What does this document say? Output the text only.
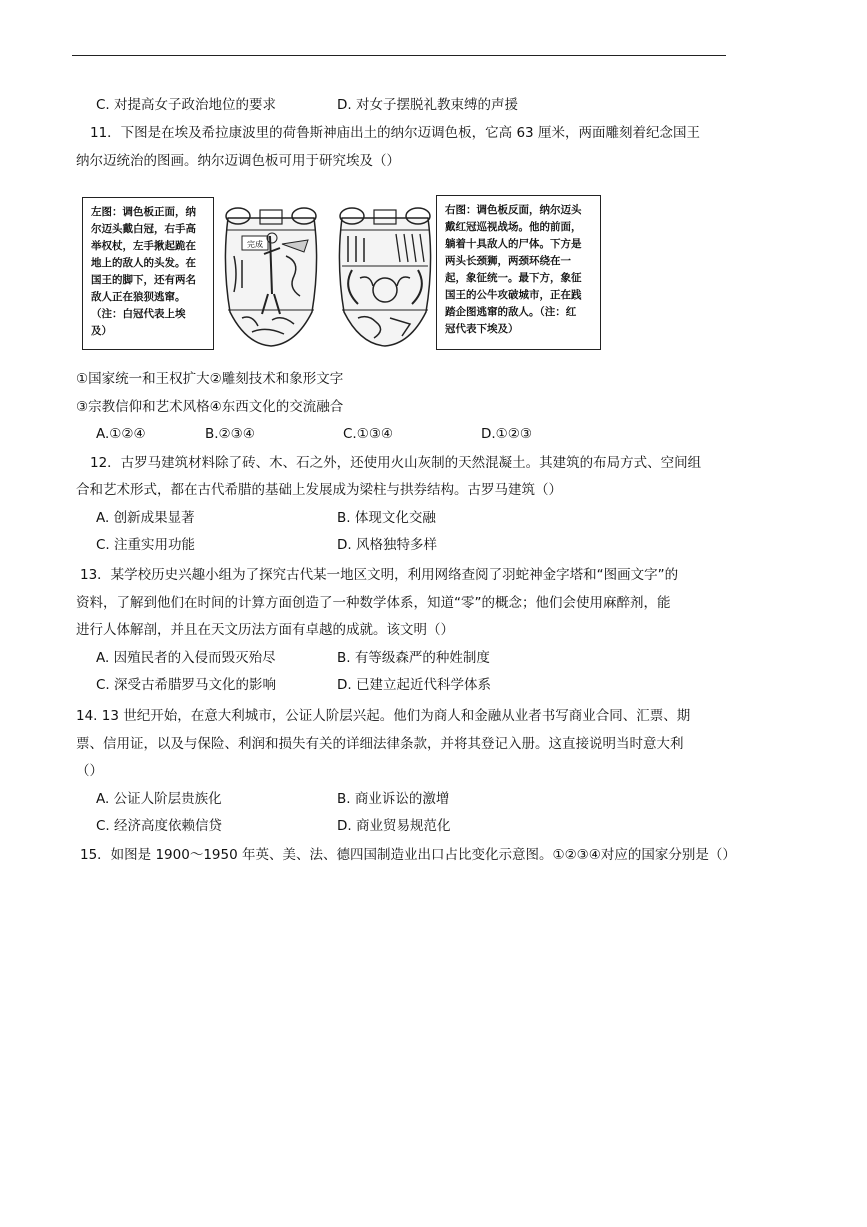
C. 对提高女子政治地位的要求	D. 对女子摆脱礼教束缚的声援
11．下图是在埃及希拉康波里的荷鲁斯神庙出土的纳尔迈调色板，它高 63 厘米，两面雕刻着纪念国王
纳尔迈统治的图画。纳尔迈调色板可用于研究埃及（）
左图：调色板正面，纳
尔迈头戴白冠，右手高
举权杖，左手揪起跪在
地上的敌人的头发。在
国王的脚下，还有两名
敌人正在狼狈逃窜。
（注：白冠代表上埃
及）
完成
右图：调色板反面，纳尔迈头
戴红冠巡视战场。他的前面，
躺着十具敌人的尸体。下方是
两头长颈狮，两颈环绕在一
起，象征统一。最下方，象征
国王的公牛攻破城市，正在践
踏企图逃窜的敌人。（注：红
冠代表下埃及）
①国家统一和王权扩大②雕刻技术和象形文字
③宗教信仰和艺术风格④东西文化的交流融合
A.①②④	B.②③④	C.①③④	D.①②③
12．古罗马建筑材料除了砖、木、石之外，还使用火山灰制的天然混凝土。其建筑的布局方式、空间组
合和艺术形式，都在古代希腊的基础上发展成为梁柱与拱券结构。古罗马建筑（）
A. 创新成果显著	B. 体现文化交融
C. 注重实用功能	D. 风格独特多样
13．某学校历史兴趣小组为了探究古代某一地区文明，利用网络查阅了羽蛇神金字塔和“图画文字”的
资料，了解到他们在时间的计算方面创造了一种数学体系，知道“零”的概念；他们会使用麻醉剂，能
进行人体解剖，并且在天文历法方面有卓越的成就。该文明（）
A. 因殖民者的入侵而毁灭殆尽	B. 有等级森严的种姓制度
C. 深受古希腊罗马文化的影响	D. 已建立起近代科学体系
14. 13 世纪开始，在意大利城市，公证人阶层兴起。他们为商人和金融从业者书写商业合同、汇票、期
票、信用证，以及与保险、利润和损失有关的详细法律条款，并将其登记入册。这直接说明当时意大利
（）
A. 公证人阶层贵族化	B. 商业诉讼的激增
C. 经济高度依赖信贷	D. 商业贸易规范化
15．如图是 1900～1950 年英、美、法、德四国制造业出口占比变化示意图。①②③④对应的国家分别是（）
